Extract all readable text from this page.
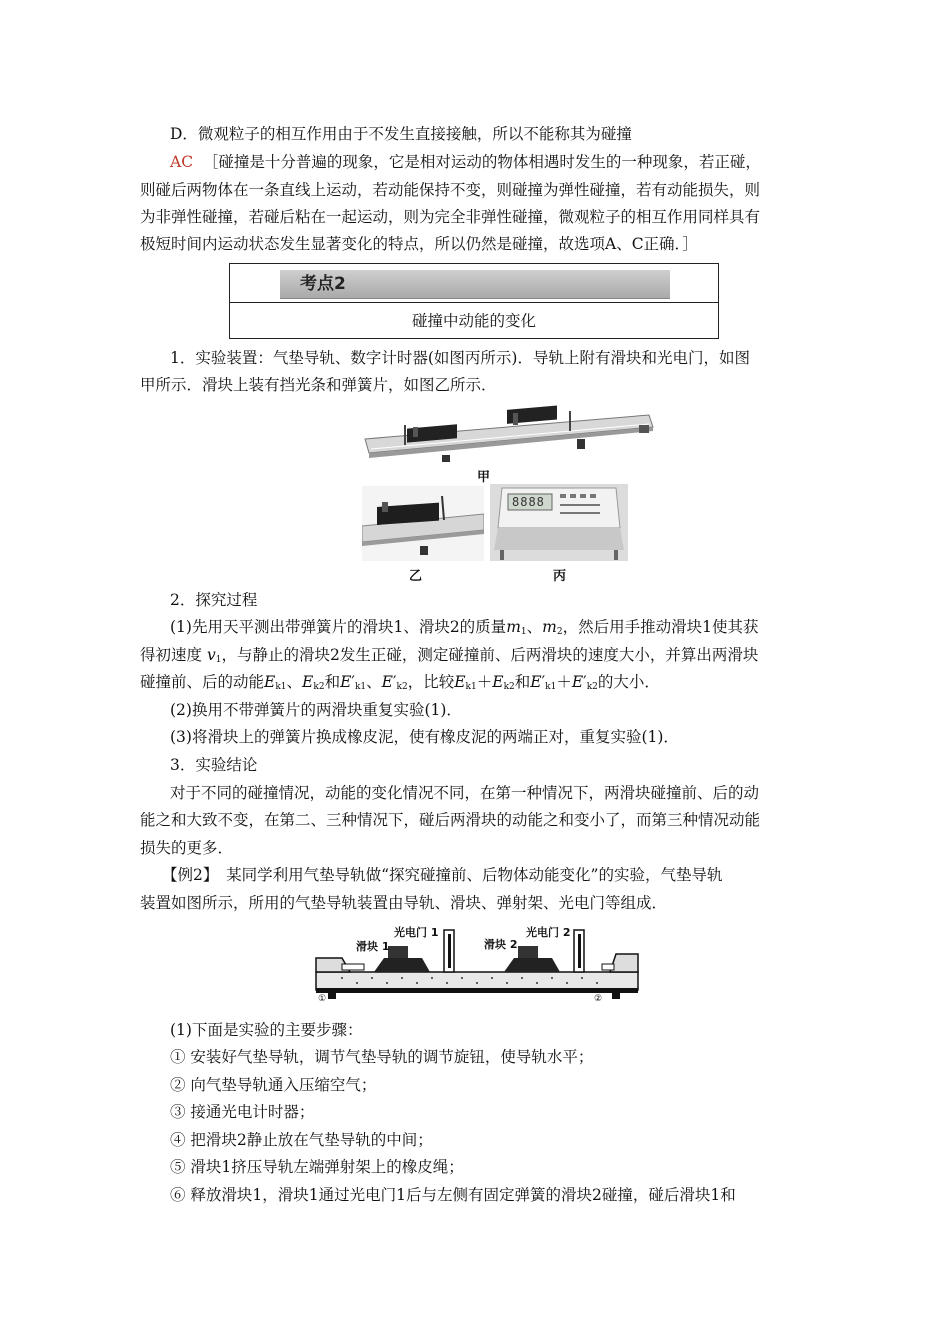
D．微观粒子的相互作用由于不发生直接接触，所以不能称其为碰撞
AC ［碰撞是十分普遍的现象，它是相对运动的物体相遇时发生的一种现象，若正碰，
则碰后两物体在一条直线上运动，若动能保持不变，则碰撞为弹性碰撞，若有动能损失，则
为非弹性碰撞，若碰后粘在一起运动，则为完全非弹性碰撞，微观粒子的相互作用同样具有
极短时间内运动状态发生显著变化的特点，所以仍然是碰撞，故选项A、C正确．］
考点2
碰撞中动能的变化
1．实验装置：气垫导轨、数字计时器(如图丙所示)．导轨上附有滑块和光电门，如图
甲所示．滑块上装有挡光条和弹簧片，如图乙所示．
甲
乙
8888
丙
2．探究过程
(1)先用天平测出带弹簧片的滑块1、滑块2的质量$m_1$、$m_2$，然后用手推动滑块1使其获
得初速度 $v_1$，与静止的滑块2发生正碰，测定碰撞前、后两滑块的速度大小，并算出两滑块
碰撞前、后的动能$E_{k1}$、$E_{k2}$和$E'_{k1}$、$E'_{k2}$，比较$E_{k1}+E_{k2}$和$E'_{k1}+E'_{k2}$的大小．
(2)换用不带弹簧片的两滑块重复实验(1)．
(3)将滑块上的弹簧片换成橡皮泥，使有橡皮泥的两端正对，重复实验(1)．
3．实验结论
对于不同的碰撞情况，动能的变化情况不同，在第一种情况下，两滑块碰撞前、后的动
能之和大致不变，在第二、三种情况下，碰后两滑块的动能之和变小了，而第三种情况动能
损失的更多．
【例2】　某同学利用气垫导轨做“探究碰撞前、后物体动能变化”的实验，气垫导轨
装置如图所示，所用的气垫导轨装置由导轨、滑块、弹射架、光电门等组成．
滑块 1
光电门 1
滑块 2
光电门 2
①	②
(1)下面是实验的主要步骤：
① 安装好气垫导轨，调节气垫导轨的调节旋钮，使导轨水平；
② 向气垫导轨通入压缩空气；
③ 接通光电计时器；
④ 把滑块2静止放在气垫导轨的中间；
⑤ 滑块1挤压导轨左端弹射架上的橡皮绳；
⑥ 释放滑块1，滑块1通过光电门1后与左侧有固定弹簧的滑块2碰撞，碰后滑块1和
